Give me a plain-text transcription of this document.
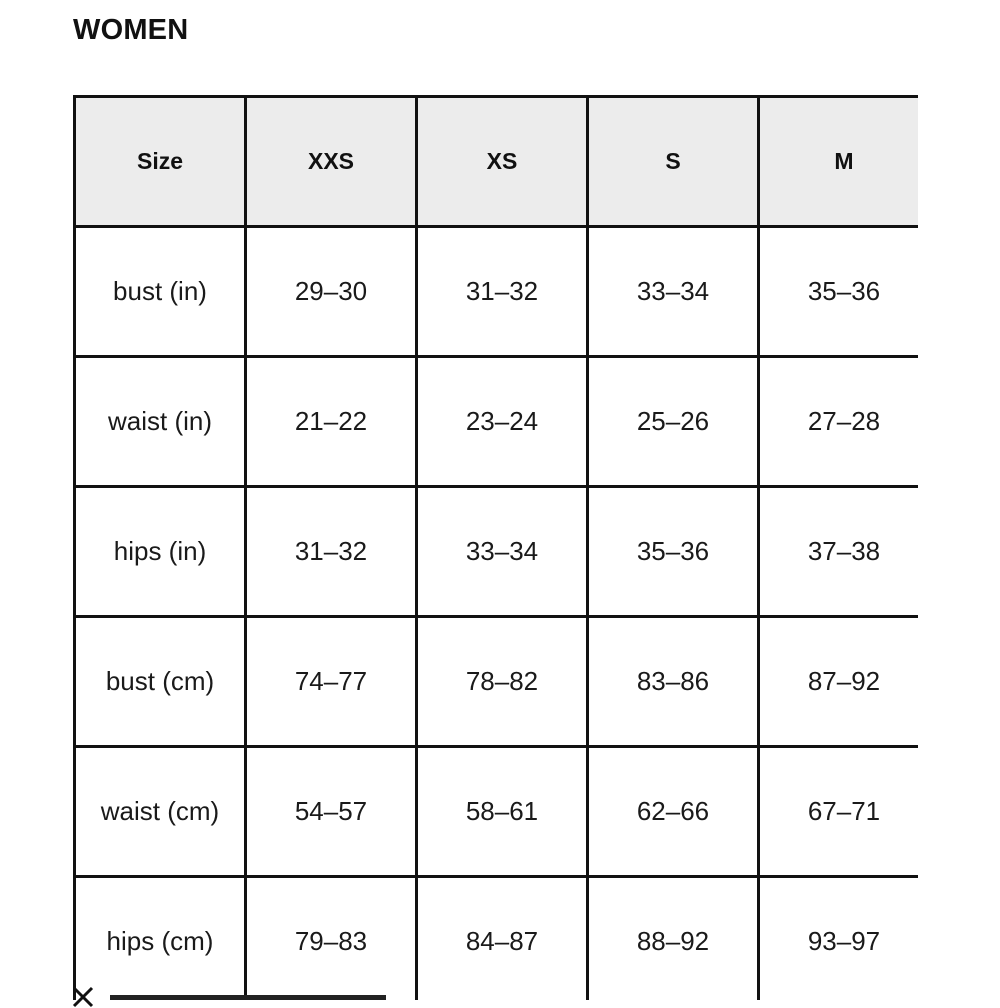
WOMEN
Size	XXS	XS	S	M
bust (in)	29–30	31–32	33–34	35–36
waist (in)	21–22	23–24	25–26	27–28
hips (in)	31–32	33–34	35–36	37–38
bust (cm)	74–77	78–82	83–86	87–92
waist (cm)	54–57	58–61	62–66	67–71
hips (cm)	79–83	84–87	88–92	93–97
